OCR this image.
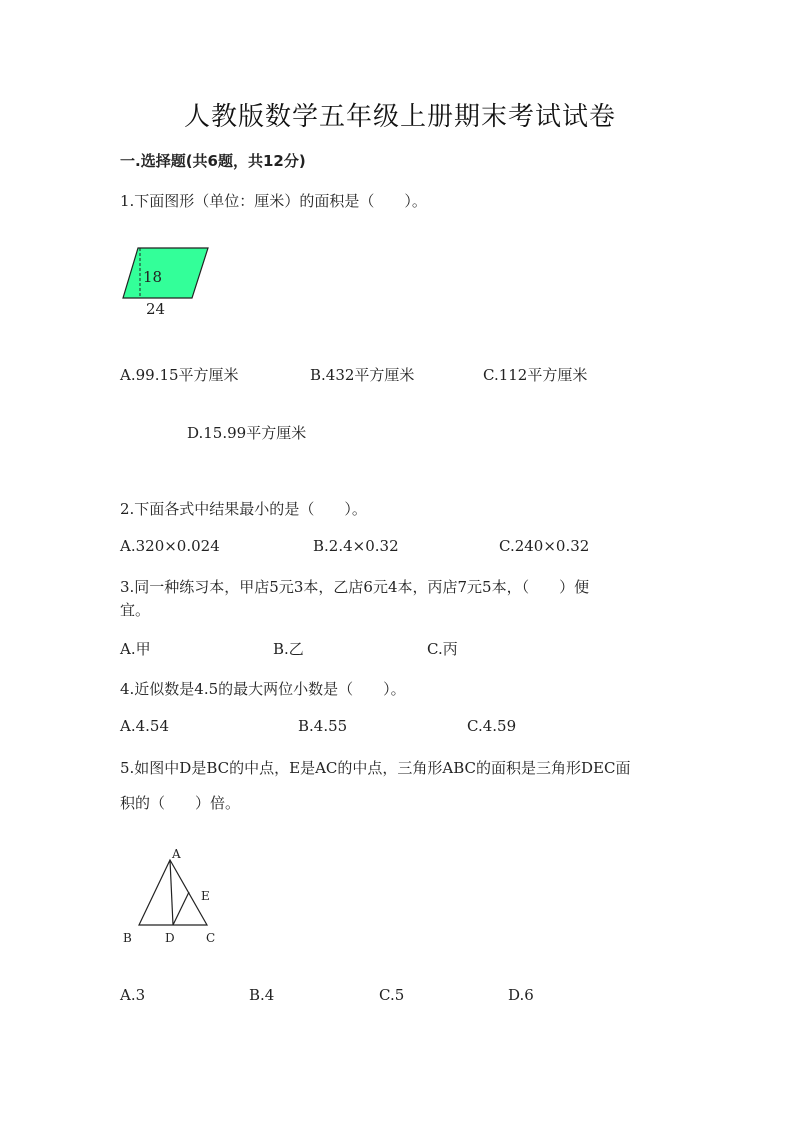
人教版数学五年级上册期末考试试卷
一.选择题(共6题，共12分)
1.下面图形（单位：厘米）的面积是（　　）。
18
24
A.99.15平方厘米	B.432平方厘米	C.112平方厘米
D.15.99平方厘米
2.下面各式中结果最小的是（　　）。
A.320×0.024	B.2.4×0.32	C.240×0.32
3.同一种练习本，甲店5元3本，乙店6元4本，丙店7元5本，（　　）便
宜。
A.甲	B.乙	C.丙
4.近似数是4.5的最大两位小数是（　　）。
A.4.54	B.4.55	C.4.59
5.如图中D是BC的中点，E是AC的中点，三角形ABC的面积是三角形DEC面
积的（　　）倍。
A
B	D	C
E
A.3	B.4	C.5	D.6
